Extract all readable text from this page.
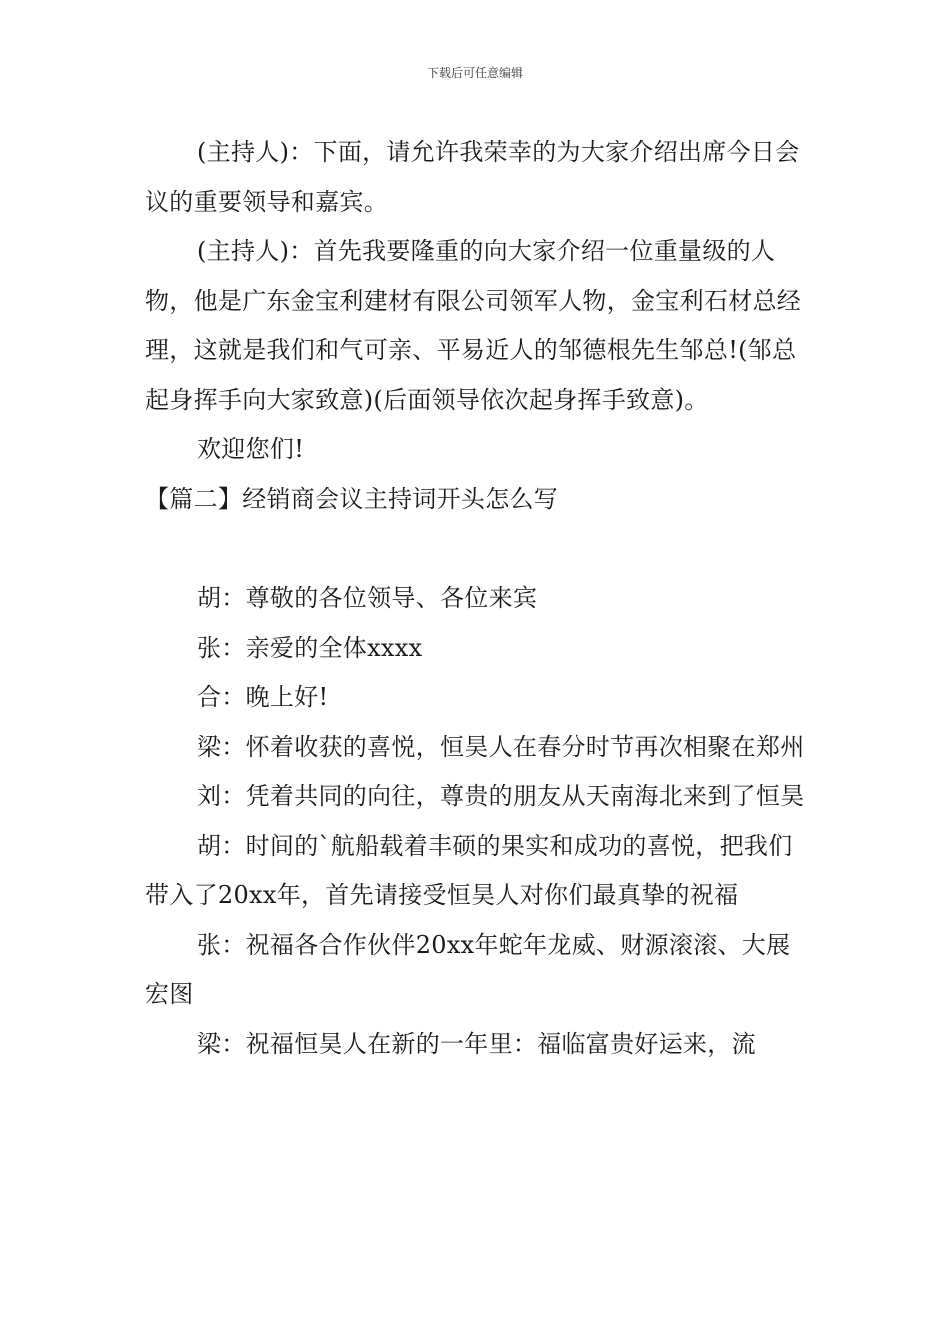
下载后可任意编辑

(主持人)：下面，请允许我荣幸的为大家介绍出席今日会议的重要领导和嘉宾。

(主持人)：首先我要隆重的向大家介绍一位重量级的人物，他是广东金宝利建材有限公司领军人物，金宝利石材总经理，这就是我们和气可亲、平易近人的邹德根先生邹总!(邹总起身挥手向大家致意)(后面领导依次起身挥手致意)。

欢迎您们!

【篇二】经销商会议主持词开头怎么写

胡：尊敬的各位领导、各位来宾

张：亲爱的全体xxxx

合：晚上好!

梁：怀着收获的喜悦，恒昊人在春分时节再次相聚在郑州

刘：凭着共同的向往，尊贵的朋友从天南海北来到了恒昊

胡：时间的`航船载着丰硕的果实和成功的喜悦，把我们带入了20xx年，首先请接受恒昊人对你们最真挚的祝福

张：祝福各合作伙伴20xx年蛇年龙威、财源滚滚、大展宏图

梁：祝福恒昊人在新的一年里：福临富贵好运来，流
